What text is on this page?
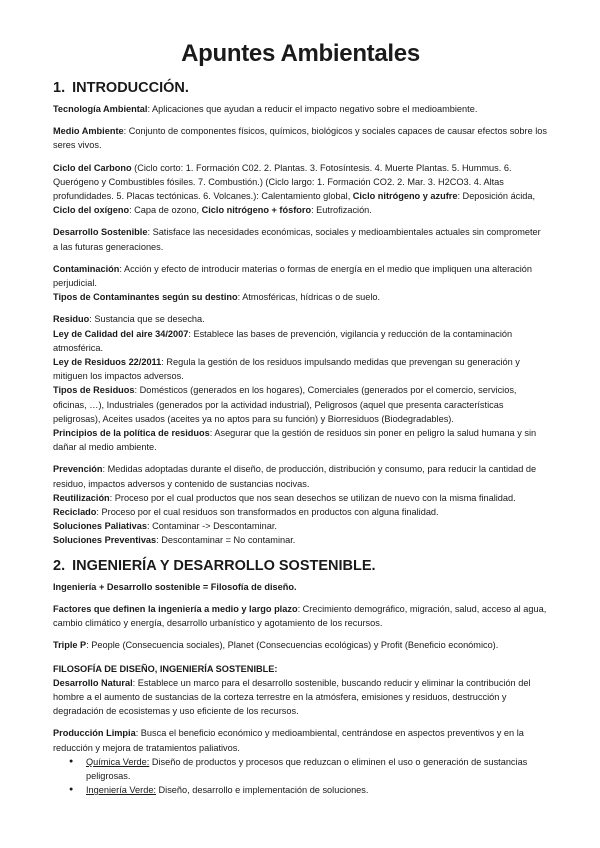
Apuntes Ambientales
1. INTRODUCCIÓN.

Tecnología Ambiental: Aplicaciones que ayudan a reducir el impacto negativo sobre el medioambiente.

Medio Ambiente: Conjunto de componentes físicos, químicos, biológicos y sociales capaces de causar efectos sobre los seres vivos.

Ciclo del Carbono (Ciclo corto: 1. Formación C02. 2. Plantas. 3. Fotosíntesis. 4. Muerte Plantas. 5. Hummus. 6. Querógeno y Combustibles fósiles. 7. Combustión.) (Ciclo largo: 1. Formación CO2. 2. Mar. 3. H2CO3. 4. Altas profundidades. 5. Placas tectónicas. 6. Volcanes.): Calentamiento global, Ciclo nitrógeno y azufre: Deposición ácida, Ciclo del oxígeno: Capa de ozono, Ciclo nitrógeno + fósforo: Eutrofización.

Desarrollo Sostenible: Satisface las necesidades económicas, sociales y medioambientales actuales sin comprometer a las futuras generaciones.

Contaminación: Acción y efecto de introducir materias o formas de energía en el medio que impliquen una alteración perjudicial.

Tipos de Contaminantes según su destino: Atmosféricas, hídricas o de suelo.

Residuo: Sustancia que se desecha.

Ley de Calidad del aire 34/2007: Establece las bases de prevención, vigilancia y reducción de la contaminación atmosférica.

Ley de Residuos 22/2011: Regula la gestión de los residuos impulsando medidas que prevengan su generación y mitiguen los impactos adversos.

Tipos de Residuos: Domésticos (generados en los hogares), Comerciales (generados por el comercio, servicios, oficinas, …), Industriales (generados por la actividad industrial), Peligrosos (aquel que presenta características peligrosas), Aceites usados (aceites ya no aptos para su función) y Biorresiduos (Biodegradables).

Principios de la política de residuos: Asegurar que la gestión de residuos sin poner en peligro la salud humana y sin dañar al medio ambiente.

Prevención: Medidas adoptadas durante el diseño, de producción, distribución y consumo, para reducir la cantidad de residuo, impactos adversos y contenido de sustancias nocivas.

Reutilización: Proceso por el cual productos que nos sean desechos se utilizan de nuevo con la misma finalidad.

Reciclado: Proceso por el cual residuos son transformados en productos con alguna finalidad.

Soluciones Paliativas: Contaminar -> Descontaminar.

Soluciones Preventivas: Descontaminar = No contaminar.

2. INGENIERÍA Y DESARROLLO SOSTENIBLE.

Ingeniería + Desarrollo sostenible = Filosofía de diseño.

Factores que definen la ingeniería a medio y largo plazo: Crecimiento demográfico, migración, salud, acceso al agua, cambio climático y energía, desarrollo urbanístico y agotamiento de los recursos.

Triple P: People (Consecuencia sociales), Planet (Consecuencias ecológicas) y Profit (Beneficio económico).

FILOSOFÍA DE DISEÑO, INGENIERÍA SOSTENIBLE:

Desarrollo Natural: Establece un marco para el desarrollo sostenible, buscando reducir y eliminar la contribución del hombre a el aumento de sustancias de la corteza terrestre en la atmósfera, emisiones y residuos, destrucción y degradación de ecosistemas y uso eficiente de los recursos.

Producción Limpia: Busca el beneficio económico y medioambiental, centrándose en aspectos preventivos y en la reducción y mejora de tratamientos paliativos.

● Química Verde: Diseño de productos y procesos que reduzcan o eliminen el uso o generación de sustancias peligrosas.
● Ingeniería Verde: Diseño, desarrollo e implementación de soluciones.
